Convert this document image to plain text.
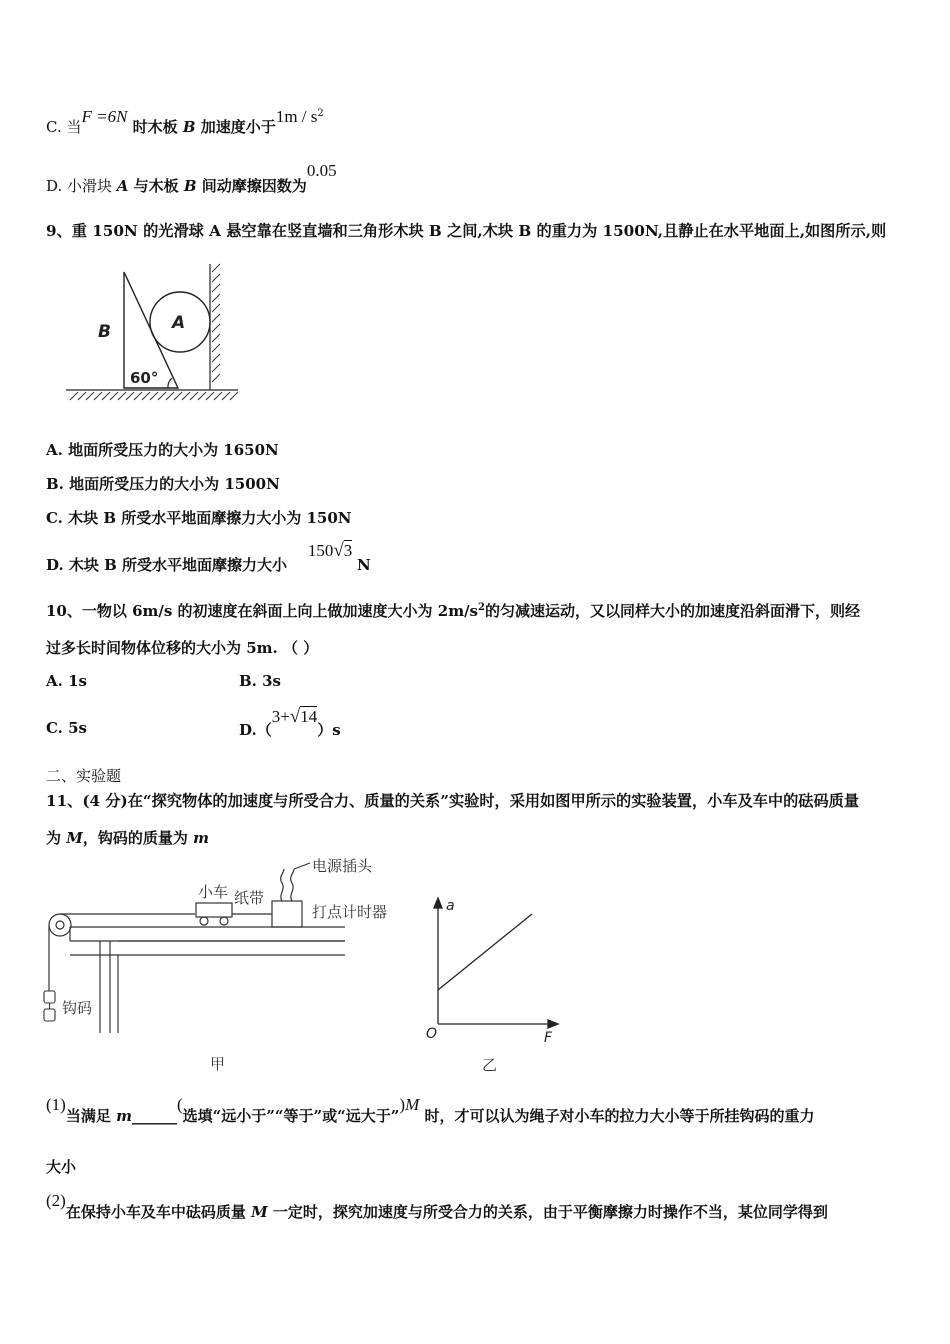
C. 当F =6N 时木板 B 加速度小于$1m / s^2$
D. 小滑块 A 与木板 B 间动摩擦因数为0.05
9、重 150N 的光滑球 A 悬空靠在竖直墙和三角形木块 B 之间,木块 B 的重力为 1500N,且静止在水平地面上,如图所示,则
B	A
60°
A. 地面所受压力的大小为 1650N
B. 地面所受压力的大小为 1500N
C. 木块 B 所受水平地面摩擦力大小为 150N
D. 木块 B 所受水平地面摩擦力大小 150√3 N
10、一物以 6m/s 的初速度在斜面上向上做加速度大小为 $2m/s^2$的匀减速运动，又以同样大小的加速度沿斜面滑下，则经
过多长时间物体位移的大小为 5m. （ ）
A. 1s	B. 3s
C. 5s	D.（3+√14）s
二、实验题
11、(4 分)在“探究物体的加速度与所受合力、质量的关系”实验时，采用如图甲所示的实验装置，小车及车中的砝码质量
为 M，钩码的质量为 m
电源插头
小车 纸带
打点计时器
钩码
甲
a
F
O
乙
(1)当满足 m______(选填“远小于”“等于”或“远大于”)M 时，才可以认为绳子对小车的拉力大小等于所挂钩码的重力
大小
(2)在保持小车及车中砝码质量 M 一定时，探究加速度与所受合力的关系，由于平衡摩擦力时操作不当，某位同学得到
